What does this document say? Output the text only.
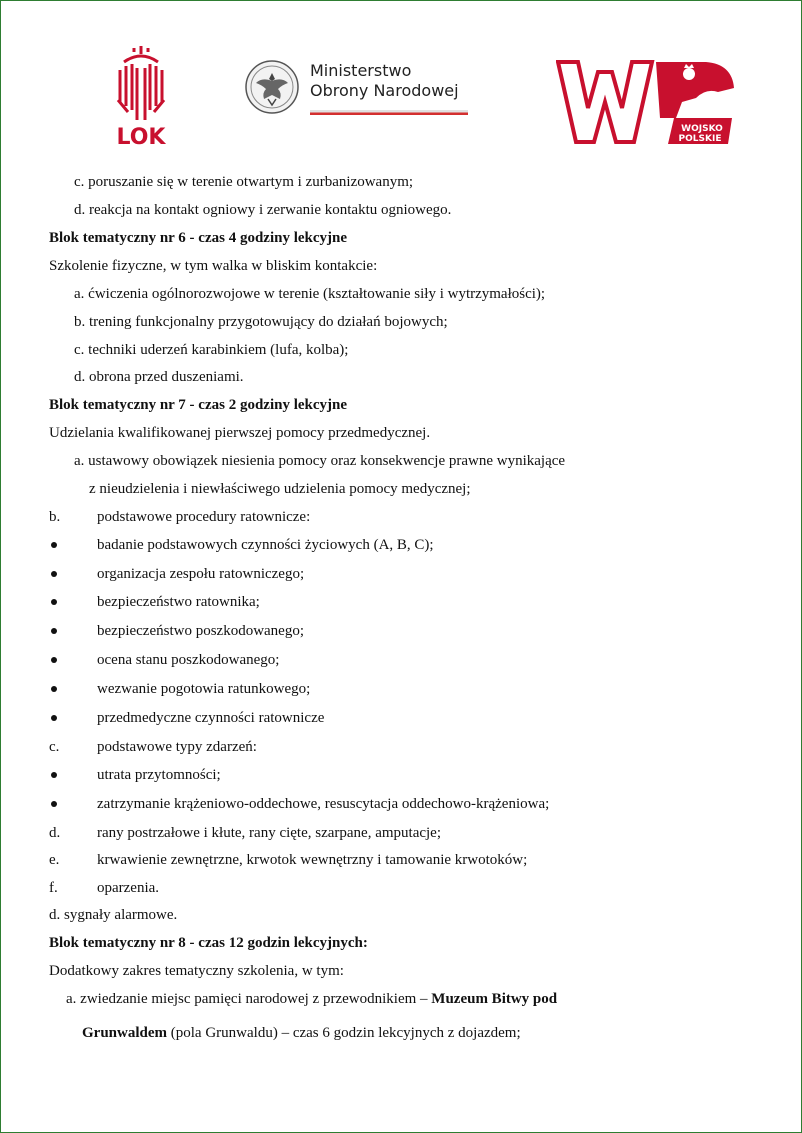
LOK
Ministerstwo
Obrony Narodowej
WOJSKO
POLSKIE
c. poruszanie się w terenie otwartym i zurbanizowanym;
d. reakcja na kontakt ogniowy i zerwanie kontaktu ogniowego.
Blok tematyczny nr 6 - czas 4 godziny lekcyjne
Szkolenie fizyczne, w tym walka w bliskim kontakcie:
a. ćwiczenia ogólnorozwojowe w terenie (kształtowanie siły i wytrzymałości);
b. trening funkcjonalny przygotowujący do działań bojowych;
c. techniki uderzeń karabinkiem (lufa, kolba);
d. obrona przed duszeniami.
Blok tematyczny nr 7 - czas 2 godziny lekcyjne
Udzielania kwalifikowanej pierwszej pomocy przedmedycznej.
a. ustawowy obowiązek niesienia pomocy oraz konsekwencje prawne wynikające
z nieudzielenia i niewłaściwego udzielenia pomocy medycznej;
b. podstawowe procedury ratownicze:
badanie podstawowych czynności życiowych (A, B, C);
organizacja zespołu ratowniczego;
bezpieczeństwo ratownika;
bezpieczeństwo poszkodowanego;
ocena stanu poszkodowanego;
wezwanie pogotowia ratunkowego;
przedmedyczne czynności ratownicze
c.	podstawowe typy zdarzeń:
utrata przytomności;
zatrzymanie krążeniowo-oddechowe, resuscytacja oddechowo-krążeniowa;
d. rany postrzałowe i kłute, rany cięte, szarpane, amputacje;
e.	krwawienie zewnętrzne, krwotok wewnętrzny i tamowanie krwotoków;
f.	oparzenia.
d. sygnały alarmowe.
Blok tematyczny nr 8 - czas 12 godzin lekcyjnych:
Dodatkowy zakres tematyczny szkolenia, w tym:
a. zwiedzanie miejsc pamięci narodowej z przewodnikiem – Muzeum Bitwy pod
Grunwaldem (pola Grunwaldu) – czas 6 godzin lekcyjnych z dojazdem;
